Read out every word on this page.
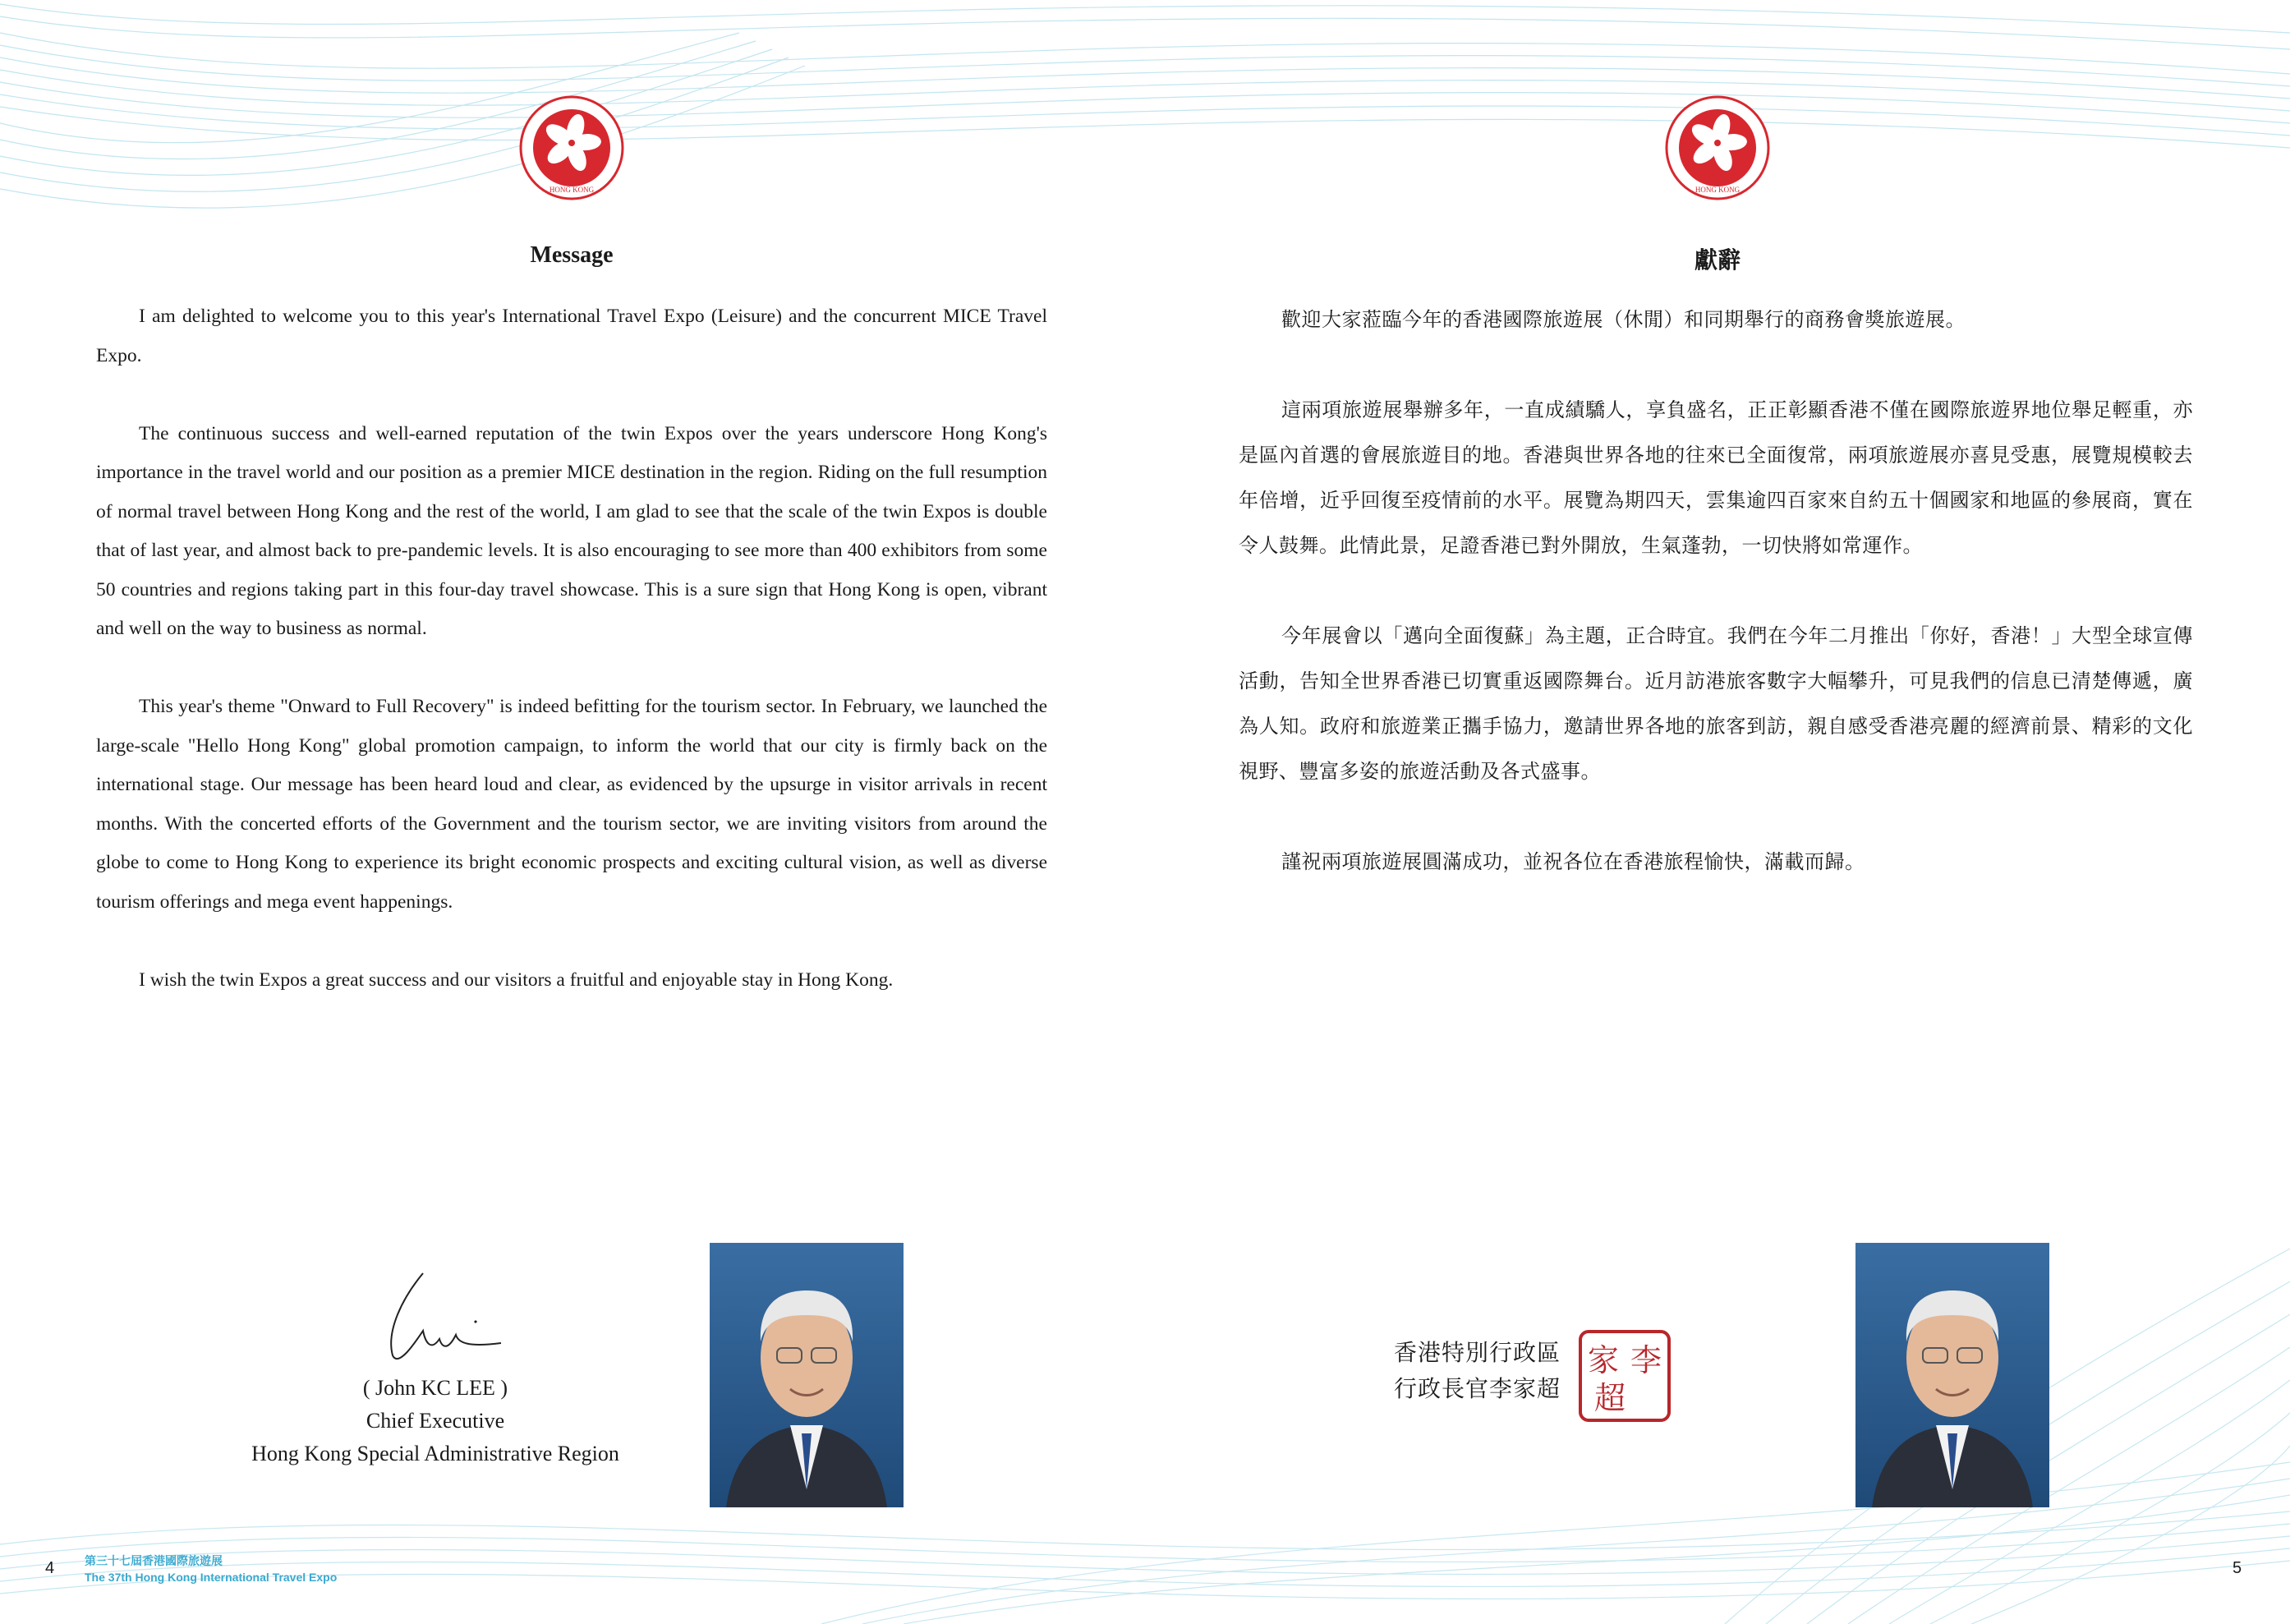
HONG KONG
Message

I am delighted to welcome you to this year's International Travel Expo (Leisure) and the concurrent MICE Travel Expo.

The continuous success and well-earned reputation of the twin Expos over the years underscore Hong Kong's importance in the travel world and our position as a premier MICE destination in the region. Riding on the full resumption of normal travel between Hong Kong and the rest of the world, I am glad to see that the scale of the twin Expos is double that of last year, and almost back to pre-pandemic levels. It is also encouraging to see more than 400 exhibitors from some 50 countries and regions taking part in this four-day travel showcase. This is a sure sign that Hong Kong is open, vibrant and well on the way to business as normal.

This year's theme "Onward to Full Recovery" is indeed befitting for the tourism sector. In February, we launched the large-scale "Hello Hong Kong" global promotion campaign, to inform the world that our city is firmly back on the international stage. Our message has been heard loud and clear, as evidenced by the upsurge in visitor arrivals in recent months. With the concerted efforts of the Government and the tourism sector, we are inviting visitors from around the globe to come to Hong Kong to experience its bright economic prospects and exciting cultural vision, as well as diverse tourism offerings and mega event happenings.

I wish the twin Expos a great success and our visitors a fruitful and enjoyable stay in Hong Kong.

( John KC LEE )
Chief Executive
Hong Kong Special Administrative Region
4	第三十七屆香港國際旅遊展
The 37th Hong Kong International Travel Expo
HONG KONG
獻辭

歡迎大家蒞臨今年的香港國際旅遊展（休閒）和同期舉行的商務會獎旅遊展。

這兩項旅遊展舉辦多年，一直成績驕人，享負盛名，正正彰顯香港不僅在國際旅遊界地位舉足輕重，亦是區內首選的會展旅遊目的地。香港與世界各地的往來已全面復常，兩項旅遊展亦喜見受惠，展覽規模較去年倍增，近乎回復至疫情前的水平。展覽為期四天，雲集逾四百家來自約五十個國家和地區的參展商，實在令人鼓舞。此情此景，足證香港已對外開放，生氣蓬勃，一切快將如常運作。

今年展會以「邁向全面復蘇」為主題，正合時宜。我們在今年二月推出「你好，香港！」大型全球宣傳活動，告知全世界香港已切實重返國際舞台。近月訪港旅客數字大幅攀升，可見我們的信息已清楚傳遞，廣為人知。政府和旅遊業正攜手協力，邀請世界各地的旅客到訪，親自感受香港亮麗的經濟前景、精彩的文化視野、豐富多姿的旅遊活動及各式盛事。

謹祝兩項旅遊展圓滿成功，並祝各位在香港旅程愉快，滿載而歸。

香港特別行政區
行政長官李家超
李
家
超
5
